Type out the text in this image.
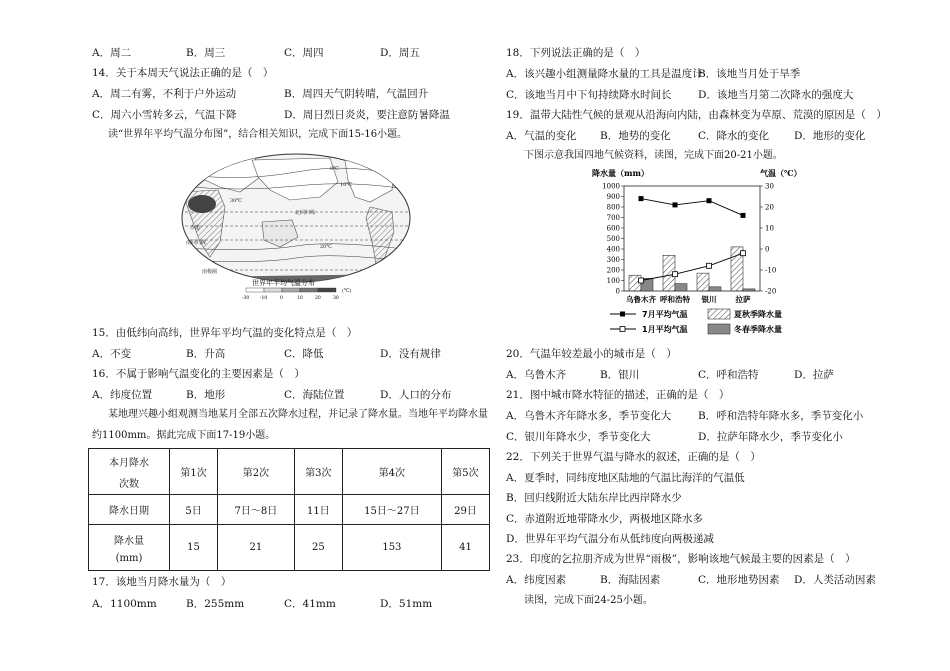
A．周二	B．周三	C．周四	D．周五
14．关于本周天气说法正确的是（　）
A．周二有雾，不利于户外运动	B．周四天气阴转晴，气温回升
C．周六小雪转多云，气温下降	D．周日烈日炎炎，要注意防暑降温
读“世界年平均气温分布图”，结合相关知识，完成下面15-16小题。
北回归线
赤道
南回归线
南极圈
0℃
10℃
20℃
30℃
世界年平均气温分布
(℃)
-30 -10	0	10	20	30
15．由低纬向高纬，世界年平均气温的变化特点是（　）
A．不变	B．升高	C．降低	D．没有规律
16．不属于影响气温变化的主要因素是（　）
A．纬度位置	B．地形	C．海陆位置	D．人口的分布
某地理兴趣小组观测当地某月全部五次降水过程，并记录了降水量。当地年平均降水量
约1100mm。据此完成下面17-19小题。
本月降水
次数	第1次	第2次	第3次	第4次	第5次
降水日期	5日	7日～8日	11日	15日～27日	29日

降水量
(mm)	15	21	25	153	41
17．该地当月降水量为（　）
A．1100mm	B．255mm	C．41mm	D．51mm
18．下列说法正确的是（　）
A．该兴趣小组测量降水量的工具是温度计
B．该地当月处于旱季
C．该地当月中下旬持续降水时间长	D．该地当月第二次降水的强度大
19．温带大陆性气候的景观从沿海向内陆，由森林变为草原、荒漠的原因是（　）
A．气温的变化 B．地势的变化	C．降水的变化 D．地形的变化
下图示意我国四地气候资料，读图，完成下面20-21小题。
降水量（mm）	气温（℃）
0
100
200
300
400
500
600
700
800
900
1000
-20
-10
0
10
20
30
乌鲁木齐 呼和浩特 银川	拉萨
7月平均气温	夏秋季降水量
1月平均气温	冬春季降水量
20．气温年较差最小的城市是（　）
A．乌鲁木齐	B．银川	C．呼和浩特	D．拉萨
21．图中城市降水特征的描述，正确的是（　）
A．乌鲁木齐年降水多，季节变化大	B．呼和浩特年降水多，季节变化小
C．银川年降水少，季节变化大	D．拉萨年降水少，季节变化小
22．下列关于世界气温与降水的叙述，正确的是（　）
A．夏季时，同纬度地区陆地的气温比海洋的气温低
B．回归线附近大陆东岸比西岸降水少
C．赤道附近地带降水少，两极地区降水多
D．世界年平均气温分布从低纬度向两极递减
23．印度的乞拉朋齐成为世界“雨极”，影响该地气候最主要的因素是（　）
A．纬度因素	B．海陆因素	C．地形地势因素 D．人类活动因素
读图，完成下面24-25小题。
